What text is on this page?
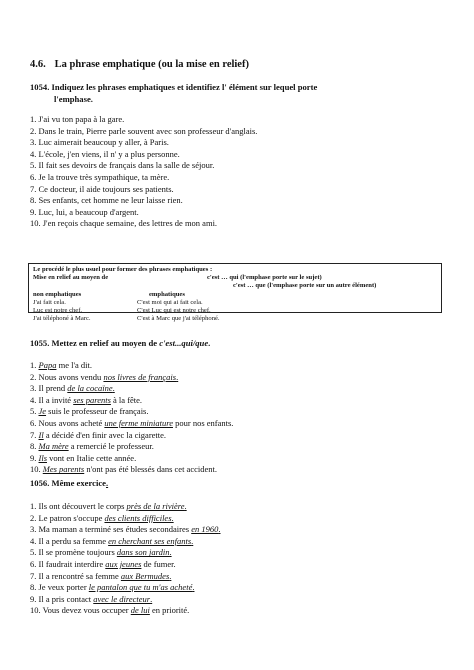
4.6. La phrase emphatique (ou la mise en relief)
1054. Indiquez les phrases emphatiques et identifiez l' élément sur lequel porte
l'emphase.
1. J'ai vu ton papa à la gare.
2. Dans le train, Pierre parle souvent avec son professeur d'anglais.
3. Luc aimerait beaucoup y aller, à Paris.
4. L'école, j'en viens, il n' y a plus personne.
5. Il fait ses devoirs de français dans la salle de séjour.
6. Je la trouve très sympathique, ta mère.
7. Ce docteur, il aide toujours ses patients.
8. Ses enfants, cet homme ne leur laisse rien.
9. Luc, lui, a beaucoup d'argent.
10. J'en reçois chaque semaine, des lettres de mon ami.
Le procédé le plus usuel pour former des phrases emphatiques :
Mise en relief au moyen de	c'est … qui (l'emphase porte sur le sujet)
c'est … que (l'emphase porte sur un autre élément)
non emphatiques	emphatiques
J'ai fait cela.	C'est moi qui ai fait cela.
Luc est notre chef.	C'est Luc qui est notre chef.
J'ai téléphoné à Marc.	C'est à Marc que j'ai téléphoné.
1055. Mettez en relief au moyen de c'est...qui/que.
1. Papa me l'a dit.
2. Nous avons vendu nos livres de français.
3. Il prend de la cocaïne.
4. Il a invité ses parents à la fête.
5. Je suis le professeur de français.
6. Nous avons acheté une ferme miniature pour nos enfants.
7. Il a décidé d'en finir avec la cigarette.
8. Ma mère a remercié le professeur.
9. Ils vont en Italie cette année.
10. Mes parents n'ont pas été blessés dans cet accident.
1056. Même exercice.
1. Ils ont découvert le corps près de la rivière.
2. Le patron s'occupe des clients difficiles.
3. Ma maman a terminé ses études secondaires en 1960.
4. Il a perdu sa femme en cherchant ses enfants.
5. Il se promène toujours dans son jardin.
6. Il faudrait interdire aux jeunes de fumer.
7. Il a rencontré sa femme aux Bermudes.
8. Je veux porter le pantalon que tu m'as acheté.
9. Il a pris contact avec le directeur.
10. Vous devez vous occuper de lui en priorité.
